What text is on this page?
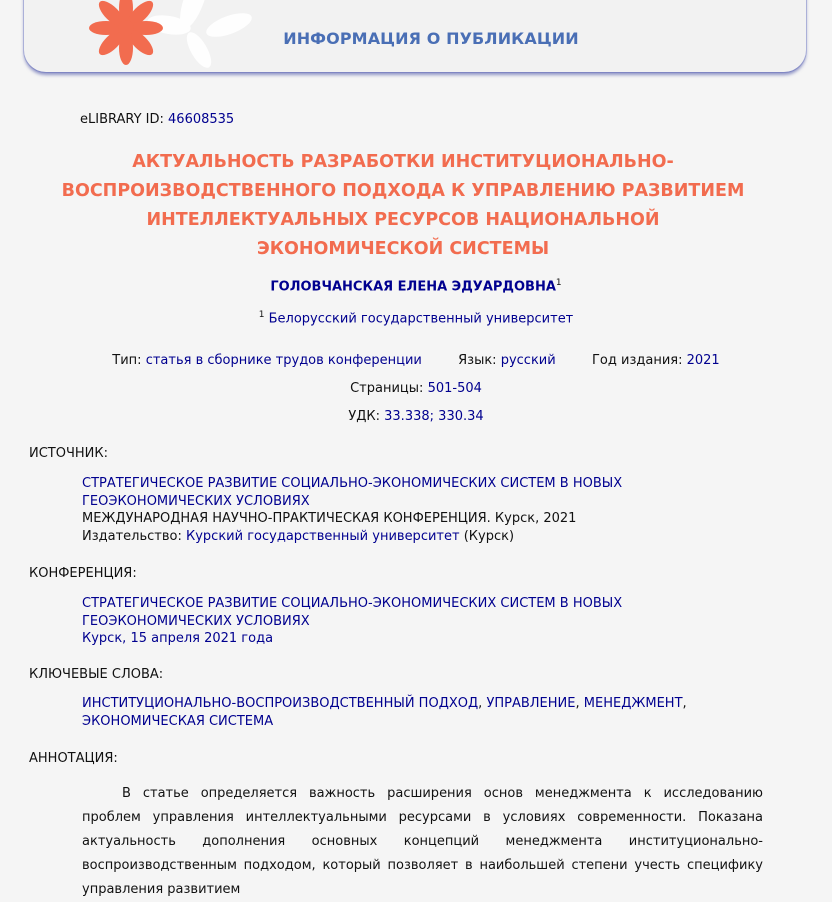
ИНФОРМАЦИЯ О ПУБЛИКАЦИИ
eLIBRARY ID: 46608535
АКТУАЛЬНОСТЬ РАЗРАБОТКИ ИНСТИТУЦИОНАЛЬНО-ВОСПРОИЗВОДСТВЕННОГО ПОДХОДА К УПРАВЛЕНИЮ РАЗВИТИЕМ ИНТЕЛЛЕКТУАЛЬНЫХ РЕСУРСОВ НАЦИОНАЛЬНОЙ ЭКОНОМИЧЕСКОЙ СИСТЕМЫ
ГОЛОВЧАНСКАЯ ЕЛЕНА ЭДУАРДОВНА$^1$
$^1$ Белорусский государственный университет
Тип: статья в сборнике трудов конференции	Язык: русский	Год издания: 2021
Страницы: 501-504
УДК: 33.338; 330.34
ИСТОЧНИК:
СТРАТЕГИЧЕСКОЕ РАЗВИТИЕ СОЦИАЛЬНО-ЭКОНОМИЧЕСКИХ СИСТЕМ В НОВЫХ ГЕОЭКОНОМИЧЕСКИХ УСЛОВИЯХ
МЕЖДУНАРОДНАЯ НАУЧНО-ПРАКТИЧЕСКАЯ КОНФЕРЕНЦИЯ. Курск, 2021
Издательство: Курский государственный университет (Курск)
КОНФЕРЕНЦИЯ:
СТРАТЕГИЧЕСКОЕ РАЗВИТИЕ СОЦИАЛЬНО-ЭКОНОМИЧЕСКИХ СИСТЕМ В НОВЫХ ГЕОЭКОНОМИЧЕСКИХ УСЛОВИЯХ
Курск, 15 апреля 2021 года
КЛЮЧЕВЫЕ СЛОВА:
ИНСТИТУЦИОНАЛЬНО-ВОСПРОИЗВОДСТВЕННЫЙ ПОДХОД, УПРАВЛЕНИЕ, МЕНЕДЖМЕНТ,
ЭКОНОМИЧЕСКАЯ СИСТЕМА
АННОТАЦИЯ:
В статье определяется важность расширения основ менеджмента к исследованию проблем управления интеллектуальными ресурсами в условиях современности. Показана актуальность дополнения основных концепций менеджмента институционально-воспроизводственным подходом, который позволяет в наибольшей степени учесть специфику управления развитием
